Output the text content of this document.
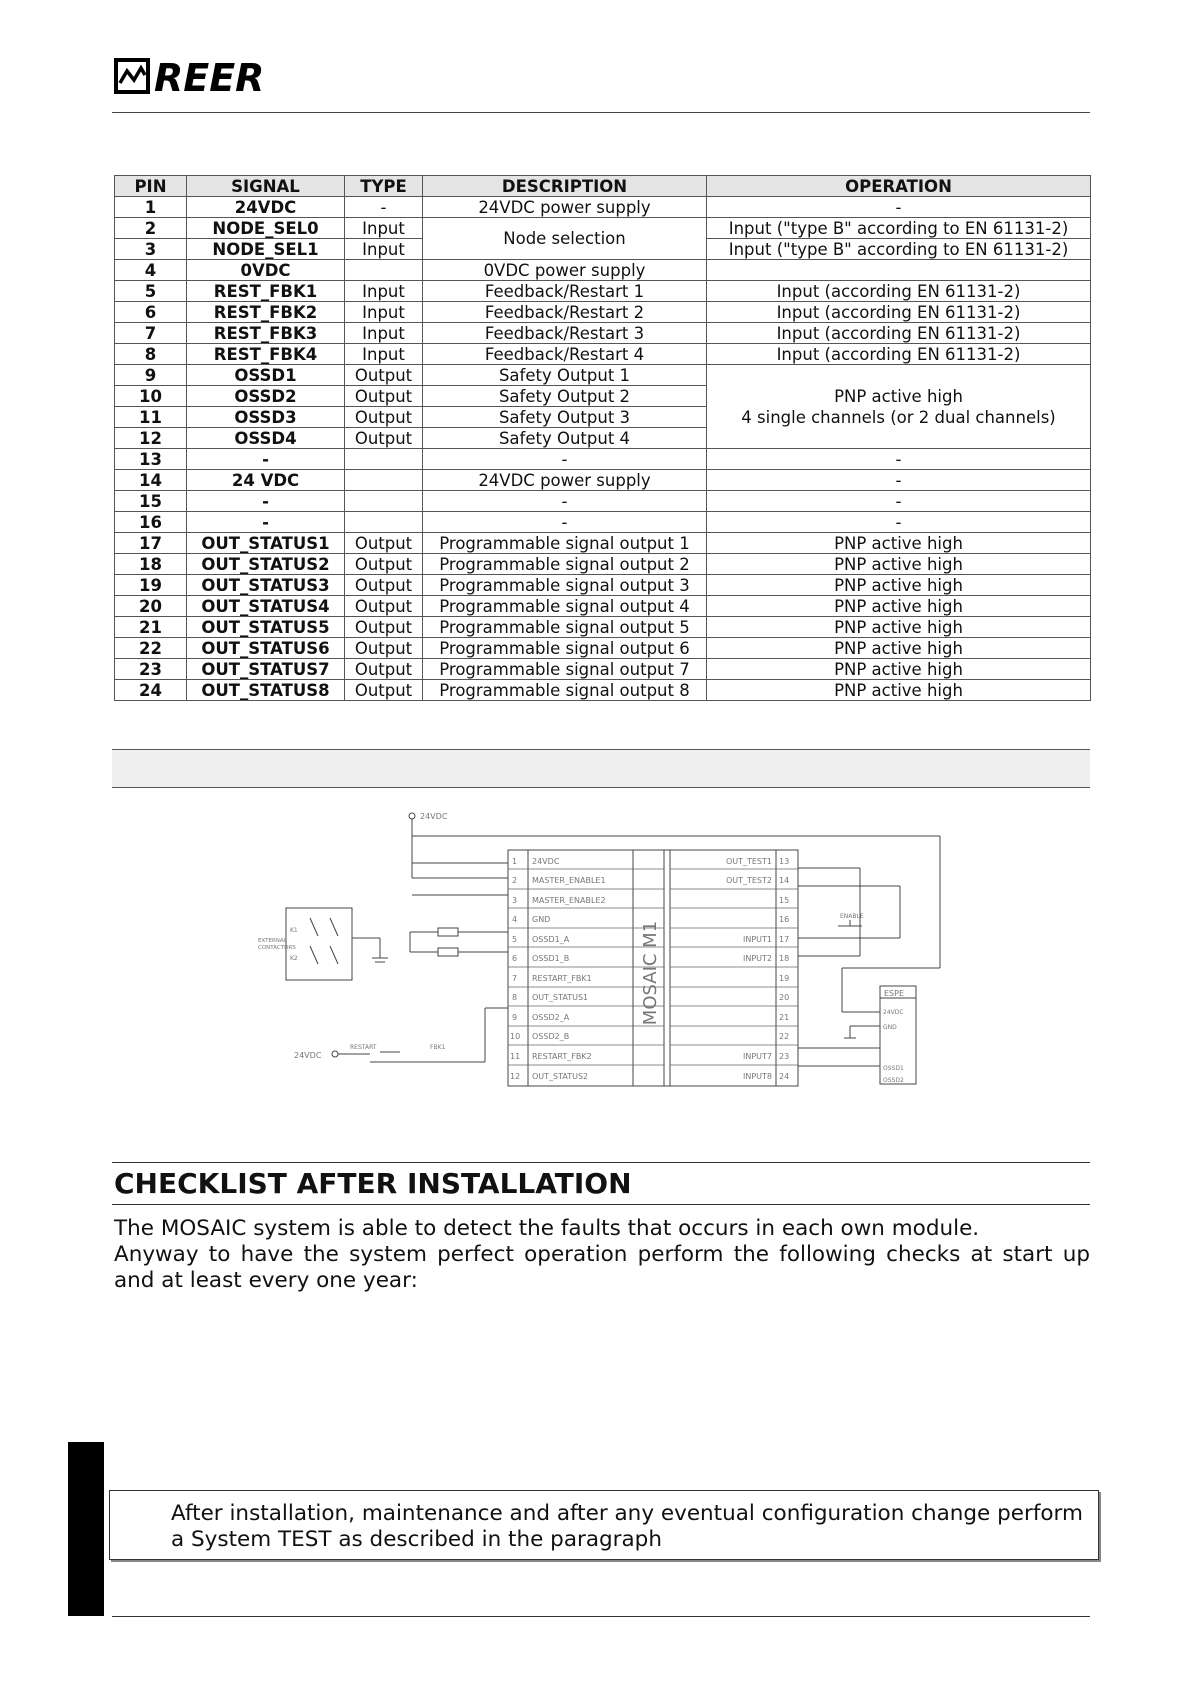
REER
PIN	SIGNAL	TYPE	DESCRIPTION	OPERATION
1	24VDC	-	24VDC power supply	-
2	NODE_SEL0	Input	Node selection	Input ("type B" according to EN 61131-2)
3	NODE_SEL1	Input		Input ("type B" according to EN 61131-2)
4	0VDC		0VDC power supply	
5	REST_FBK1	Input	Feedback/Restart 1	Input (according EN 61131-2)
6	REST_FBK2	Input	Feedback/Restart 2	Input (according EN 61131-2)
7	REST_FBK3	Input	Feedback/Restart 3	Input (according EN 61131-2)
8	REST_FBK4	Input	Feedback/Restart 4	Input (according EN 61131-2)
9	OSSD1	Output	Safety Output 1	PNP active high
4 single channels (or 2 dual channels)
10	OSSD2	Output	Safety Output 2	
11	OSSD3	Output	Safety Output 3	
12	OSSD4	Output	Safety Output 4	
13	-		-	-
14	24 VDC		24VDC power supply	-
15	-		-	-
16	-		-	-
17	OUT_STATUS1	Output	Programmable signal output 1	PNP active high
18	OUT_STATUS2	Output	Programmable signal output 2	PNP active high
19	OUT_STATUS3	Output	Programmable signal output 3	PNP active high
20	OUT_STATUS4	Output	Programmable signal output 4	PNP active high
21	OUT_STATUS5	Output	Programmable signal output 5	PNP active high
22	OUT_STATUS6	Output	Programmable signal output 6	PNP active high
23	OUT_STATUS7	Output	Programmable signal output 7	PNP active high
24	OUT_STATUS8	Output	Programmable signal output 8	PNP active high
24VDC
24VDC
MOSAIC M1
EXTERNAL
CONTACTORS
K1
K2
RESTART	FBK1
ENABLE
ESPE
24VDC
GND
OSSD1
OSSD2
1 24VDC
2 MASTER_ENABLE1
3 MASTER_ENABLE2
4 GND
5 OSSD1_A
6 OSSD1_B
7 RESTART_FBK1
8 OUT_STATUS1
9 OSSD2_A
10 OSSD2_B
11 RESTART_FBK2
12 OUT_STATUS2
13
OUT_TEST1
14
OUT_TEST2
15
16
17
INPUT1
18
INPUT2
19
20
21
22
23
INPUT7
24
INPUT8
CHECKLIST AFTER INSTALLATION
The MOSAIC system is able to detect the faults that occurs in each own module.
Anyway to have the system perfect operation perform the following checks at start up
and at least every one year:

After installation, maintenance and after any eventual configuration change perform
a System TEST as described in the paragraph
